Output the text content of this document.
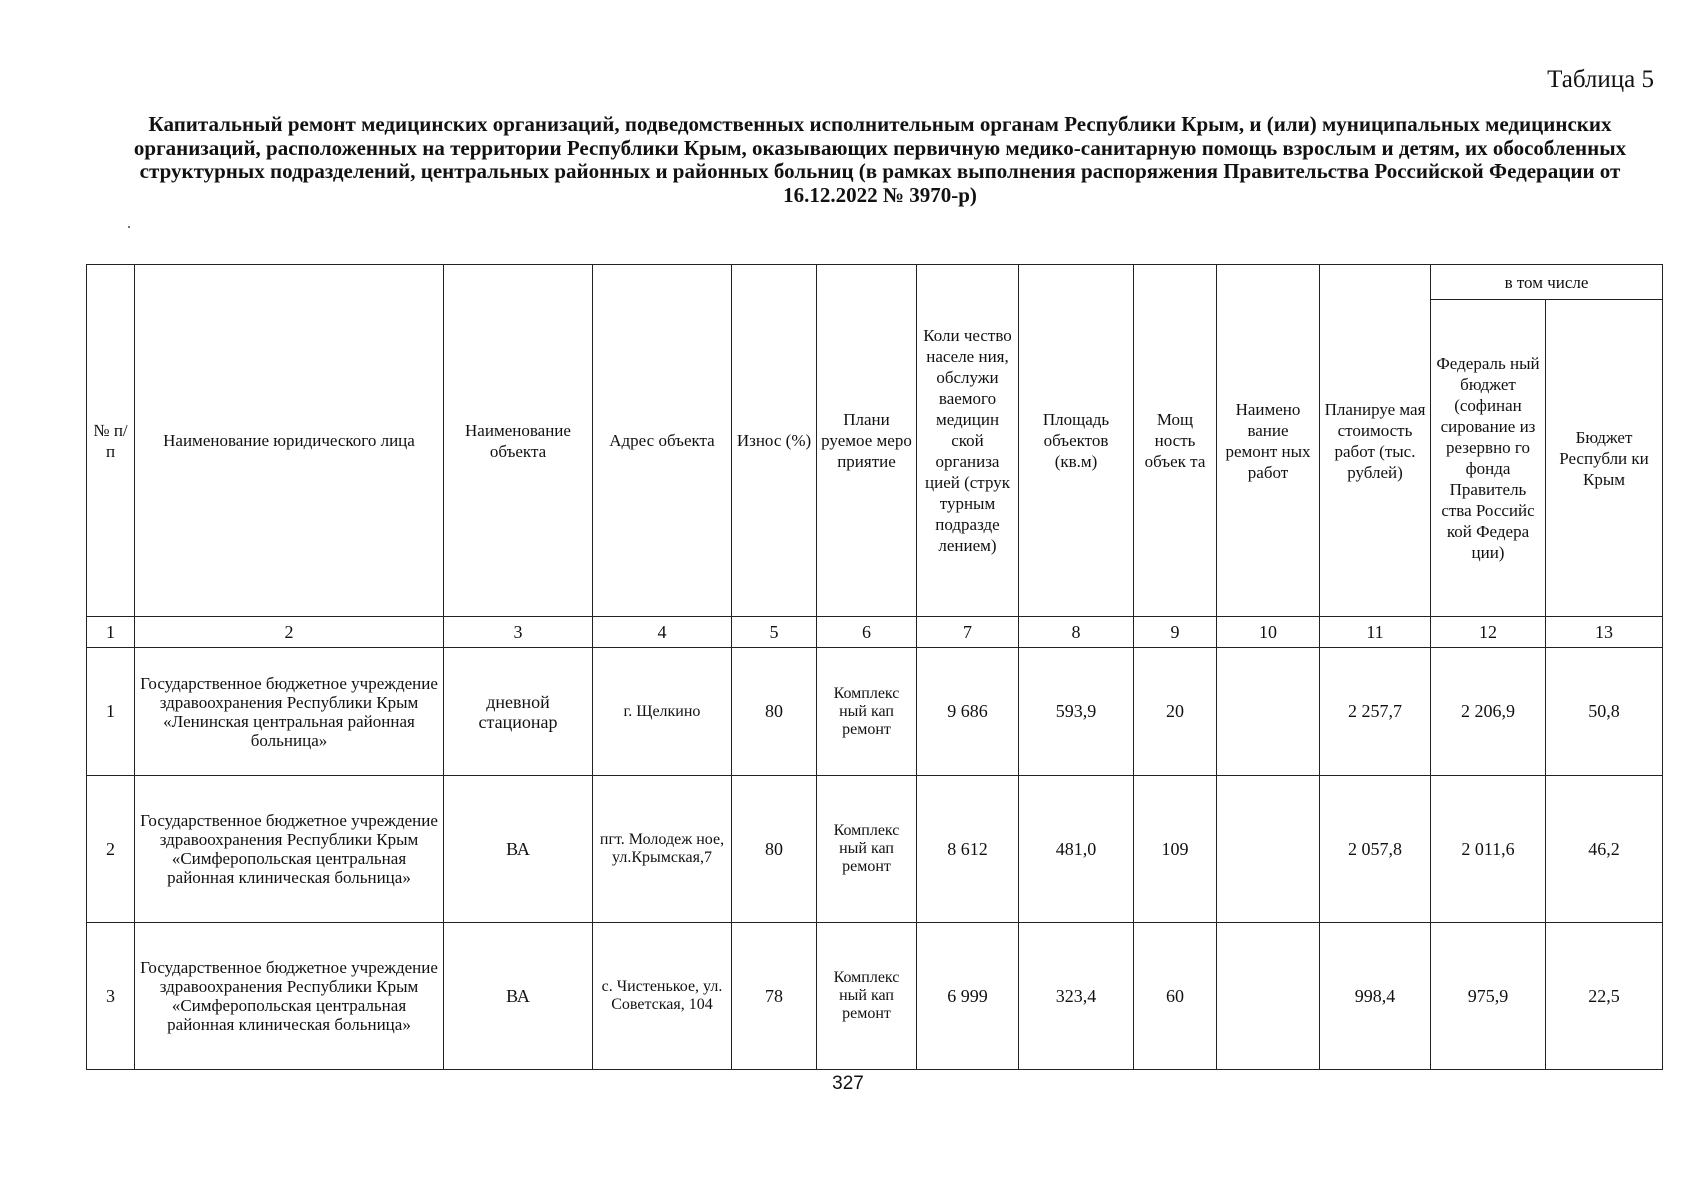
Таблица 5
Капитальный ремонт медицинских организаций, подведомственных исполнительным органам Республики Крым, и (или) муниципальных медицинских организаций, расположенных на территории Республики Крым, оказывающих первичную медико-санитарную помощь взрослым и детям, их обособленных структурных подразделений, центральных районных и районных больниц (в рамках выполнения распоряжения Правительства Российской Федерации от 16.12.2022 № 3970-р)
№ п/п	Наименование юридического лица	Наименование объекта	Адрес объекта	Износ (%)	Плани руемое меро приятие	Коли чество населе ния, обслужи ваемого медицин ской организа цией (струк турным подразде лением)	Площадь объектов (кв.м)	Мощ ность объек та	Наимено вание ремонт ных работ	Планируе мая стоимость работ (тыс. рублей)	в том числе	
											Федераль ный бюджет (софинан сирование из резервно го фонда Правитель ства Российс кой Федера ции)	Бюджет Республи ки Крым
1	2	3	4	5	6	7	8	9	10	11	12	13
1	Государственное бюджетное учреждение здравоохранения Республики Крым «Ленинская центральная районная больница»	дневной стационар	г. Щелкино	80	Комплекс ный кап ремонт	9 686	593,9	20		2 257,7	2 206,9	50,8
2	Государственное бюджетное учреждение здравоохранения Республики Крым «Симферопольская центральная районная клиническая больница»	ВА	пгт. Молодеж ное, ул.Крымская,7	80	Комплекс ный кап ремонт	8 612	481,0	109		2 057,8	2 011,6	46,2
3	Государственное бюджетное учреждение здравоохранения Республики Крым «Симферопольская центральная районная клиническая больница»	ВА	с. Чистенькое, ул. Советская, 104	78	Комплекс ный кап ремонт	6 999	323,4	60		998,4	975,9	22,5
327
